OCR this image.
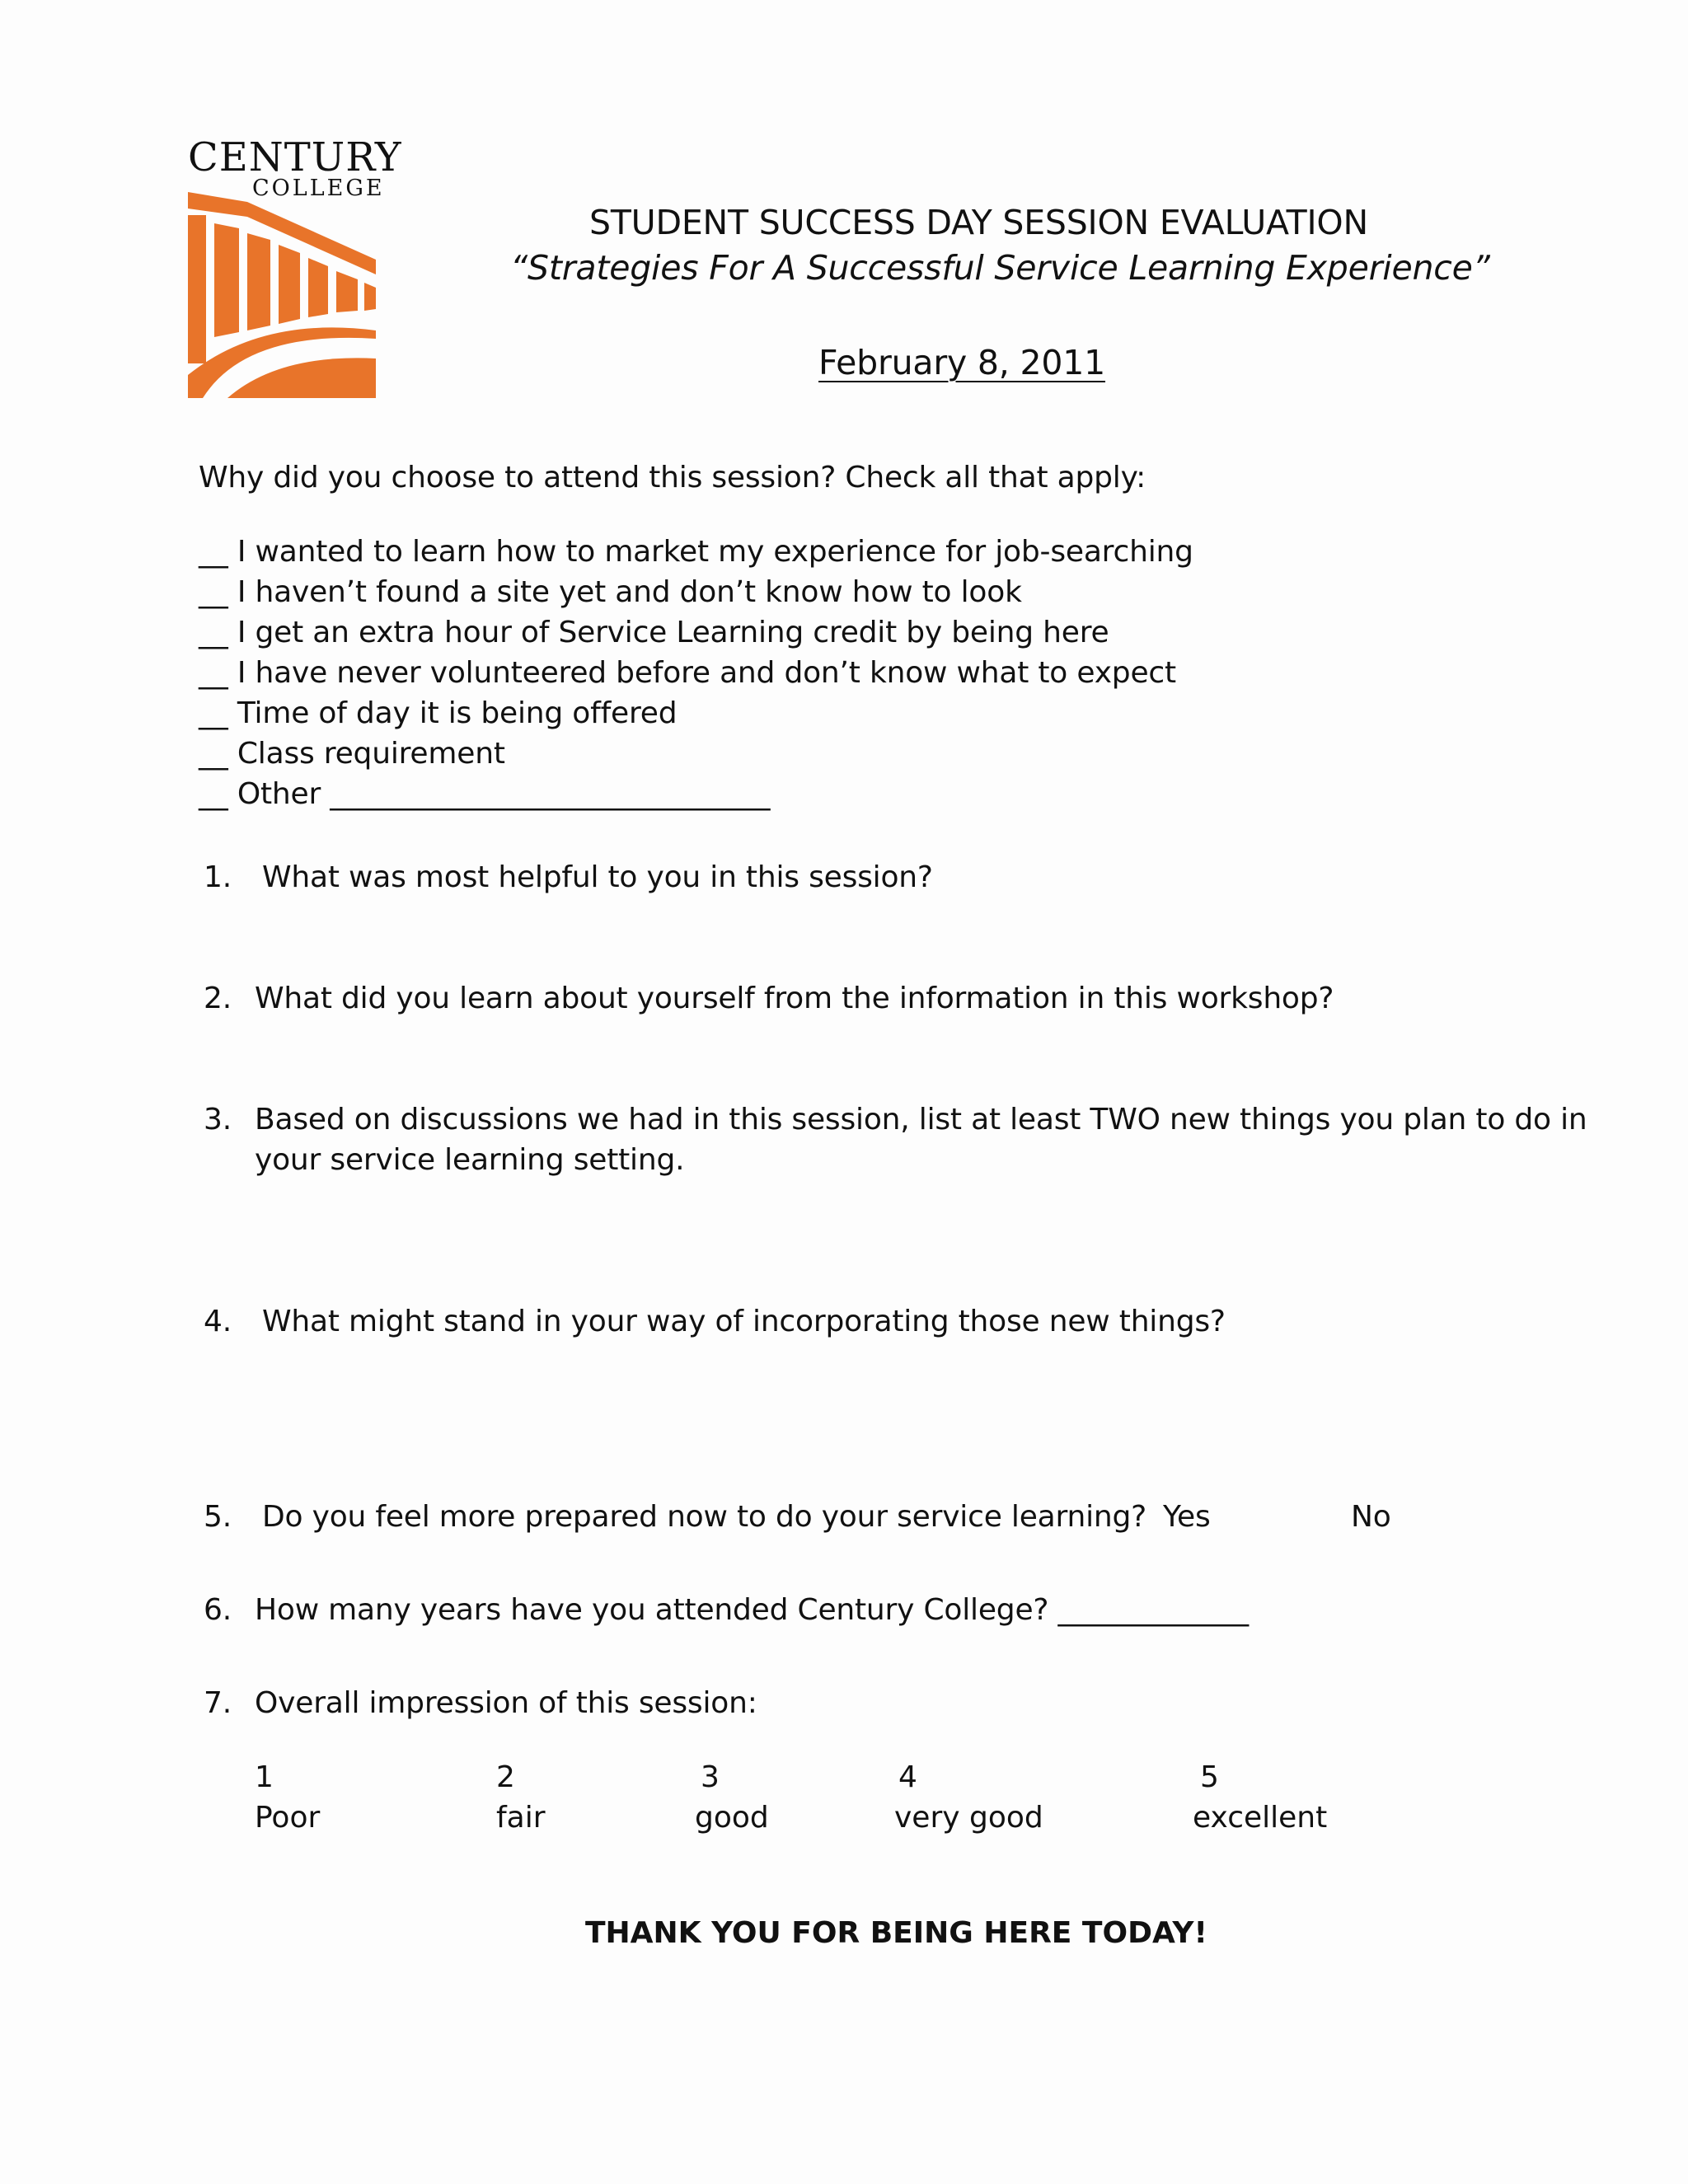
CENTURY
COLLEGE
STUDENT SUCCESS DAY SESSION EVALUATION
“Strategies For A Successful Service Learning Experience”
February 8, 2011
Why did you choose to attend this session? Check all that apply:
__ I wanted to learn how to market my experience for job-searching
__ I haven’t found a site yet and don’t know how to look
__ I get an extra hour of Service Learning credit by being here
__ I have never volunteered before and don’t know what to expect
__ Time of day it is being offered
__ Class requirement
__ Other ______________________________
1. What was most helpful to you in this session?
2. What did you learn about yourself from the information in this workshop?
3. Based on discussions we had in this session, list at least TWO new things you plan to do in
your service learning setting.
4. What might stand in your way of incorporating those new things?
5. Do you feel more prepared now to do your service learning? Yes	No
6. How many years have you attended Century College? _____________
7. Overall impression of this session:
1
Poor
2
fair
3
good
4
very good
5
excellent
THANK YOU FOR BEING HERE TODAY!
